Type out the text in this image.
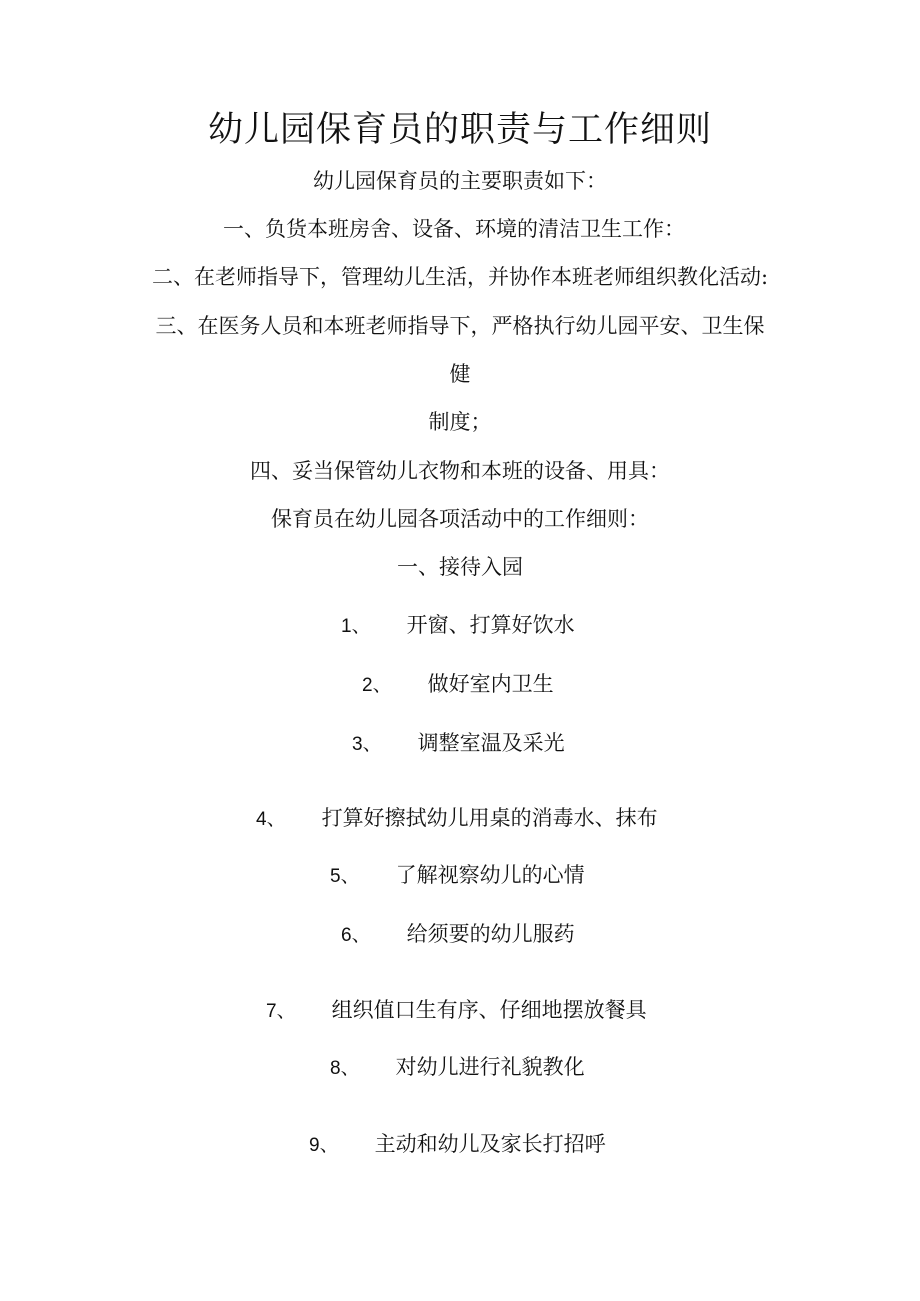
幼儿园保育员的职责与工作细则
幼儿园保育员的主要职责如下：
一、负货本班房舍、设备、环境的清洁卫生工作：
二、在老师指导下，管理幼儿生活，并协作本班老师组织教化活动:
三、在医务人员和本班老师指导下，严格执行幼儿园平安、卫生保
健
制度；
四、妥当保管幼儿衣物和本班的设备、用具：
保育员在幼儿园各项活动中的工作细则：
一、接待入园
1、 开窗、打算好饮水
2、 做好室内卫生
3、 调整室温及采光
4、 打算好擦拭幼儿用桌的消毒水、抹布
5、 了解视察幼儿的心情
6、 给须要的幼儿服药
7、 组织值口生有序、仔细地摆放餐具
8、 对幼儿进行礼貌教化
9、 主动和幼儿及家长打招呼
